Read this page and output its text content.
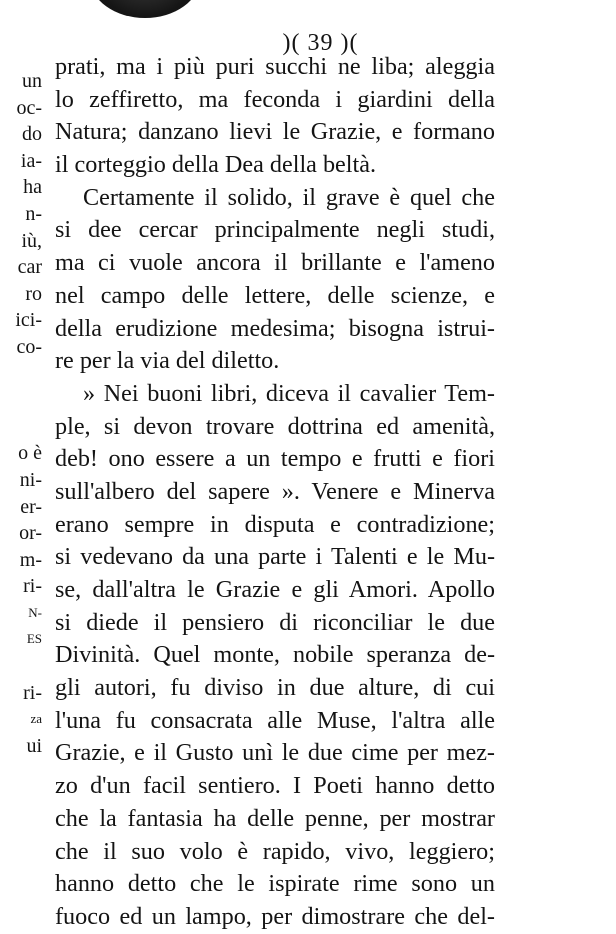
)( 39 )(
un
oc-
do
ia-
ha
n-
iù,
car
ro
ici-
co-
o è
ni-
er-
or-
m-
ri-
N-
ES
ri-
za
ui
prati, ma i più puri succhi ne liba; aleggia
lo zeffiretto, ma feconda i giardini della
Natura; danzano lievi le Grazie, e formano
il corteggio della Dea della beltà.
Certamente il solido, il grave è quel che
si dee cercar principalmente negli studi,
ma ci vuole ancora il brillante e l'ameno
nel campo delle lettere, delle scienze, e
della erudizione medesima; bisogna istrui-
re per la via del diletto.
» Nei buoni libri, diceva il cavalier Tem-
ple, si devon trovare dottrina ed amenità,
deb! ono essere a un tempo e frutti e fiori
sull'albero del sapere ». Venere e Minerva
erano sempre in disputa e contradizione;
si vedevano da una parte i Talenti e le Mu-
se, dall'altra le Grazie e gli Amori. Apollo
si diede il pensiero di riconciliar le due
Divinità. Quel monte, nobile speranza de-
gli autori, fu diviso in due alture, di cui
l'una fu consacrata alle Muse, l'altra alle
Grazie, e il Gusto unì le due cime per mez-
zo d'un facil sentiero. I Poeti hanno detto
che la fantasia ha delle penne, per mostrar
che il suo volo è rapido, vivo, leggiero;
hanno detto che le ispirate rime sono un
fuoco ed un lampo, per dimostrare che del-
